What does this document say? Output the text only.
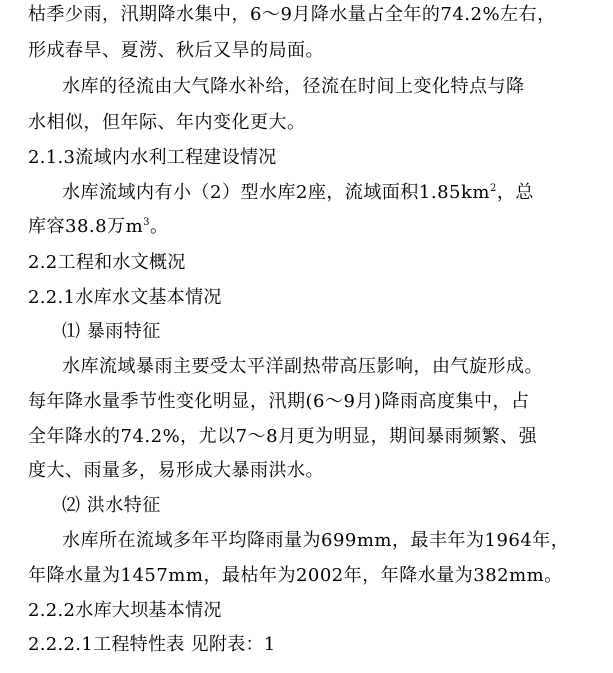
枯季少雨，汛期降水集中，6～9月降水量占全年的74.2%左右，
形成春旱、夏涝、秋后又旱的局面。
水库的径流由大气降水补给，径流在时间上变化特点与降
水相似，但年际、年内变化更大。
2.1.3流域内水利工程建设情况
水库流域内有小（2）型水库2座，流域面积$1.85km^2$，总
库容38.8万$m^3$。
2.2工程和水文概况
2.2.1水库水文基本情况
⑴ 暴雨特征
水库流域暴雨主要受太平洋副热带高压影响，由气旋形成。
每年降水量季节性变化明显，汛期(6～9月)降雨高度集中，占
全年降水的74.2%，尤以7～8月更为明显，期间暴雨频繁、强
度大、雨量多，易形成大暴雨洪水。
⑵ 洪水特征
水库所在流域多年平均降雨量为699mm，最丰年为1964年，
年降水量为1457mm，最枯年为2002年，年降水量为382mm。
2.2.2水库大坝基本情况
2.2.2.1工程特性表 见附表：1
